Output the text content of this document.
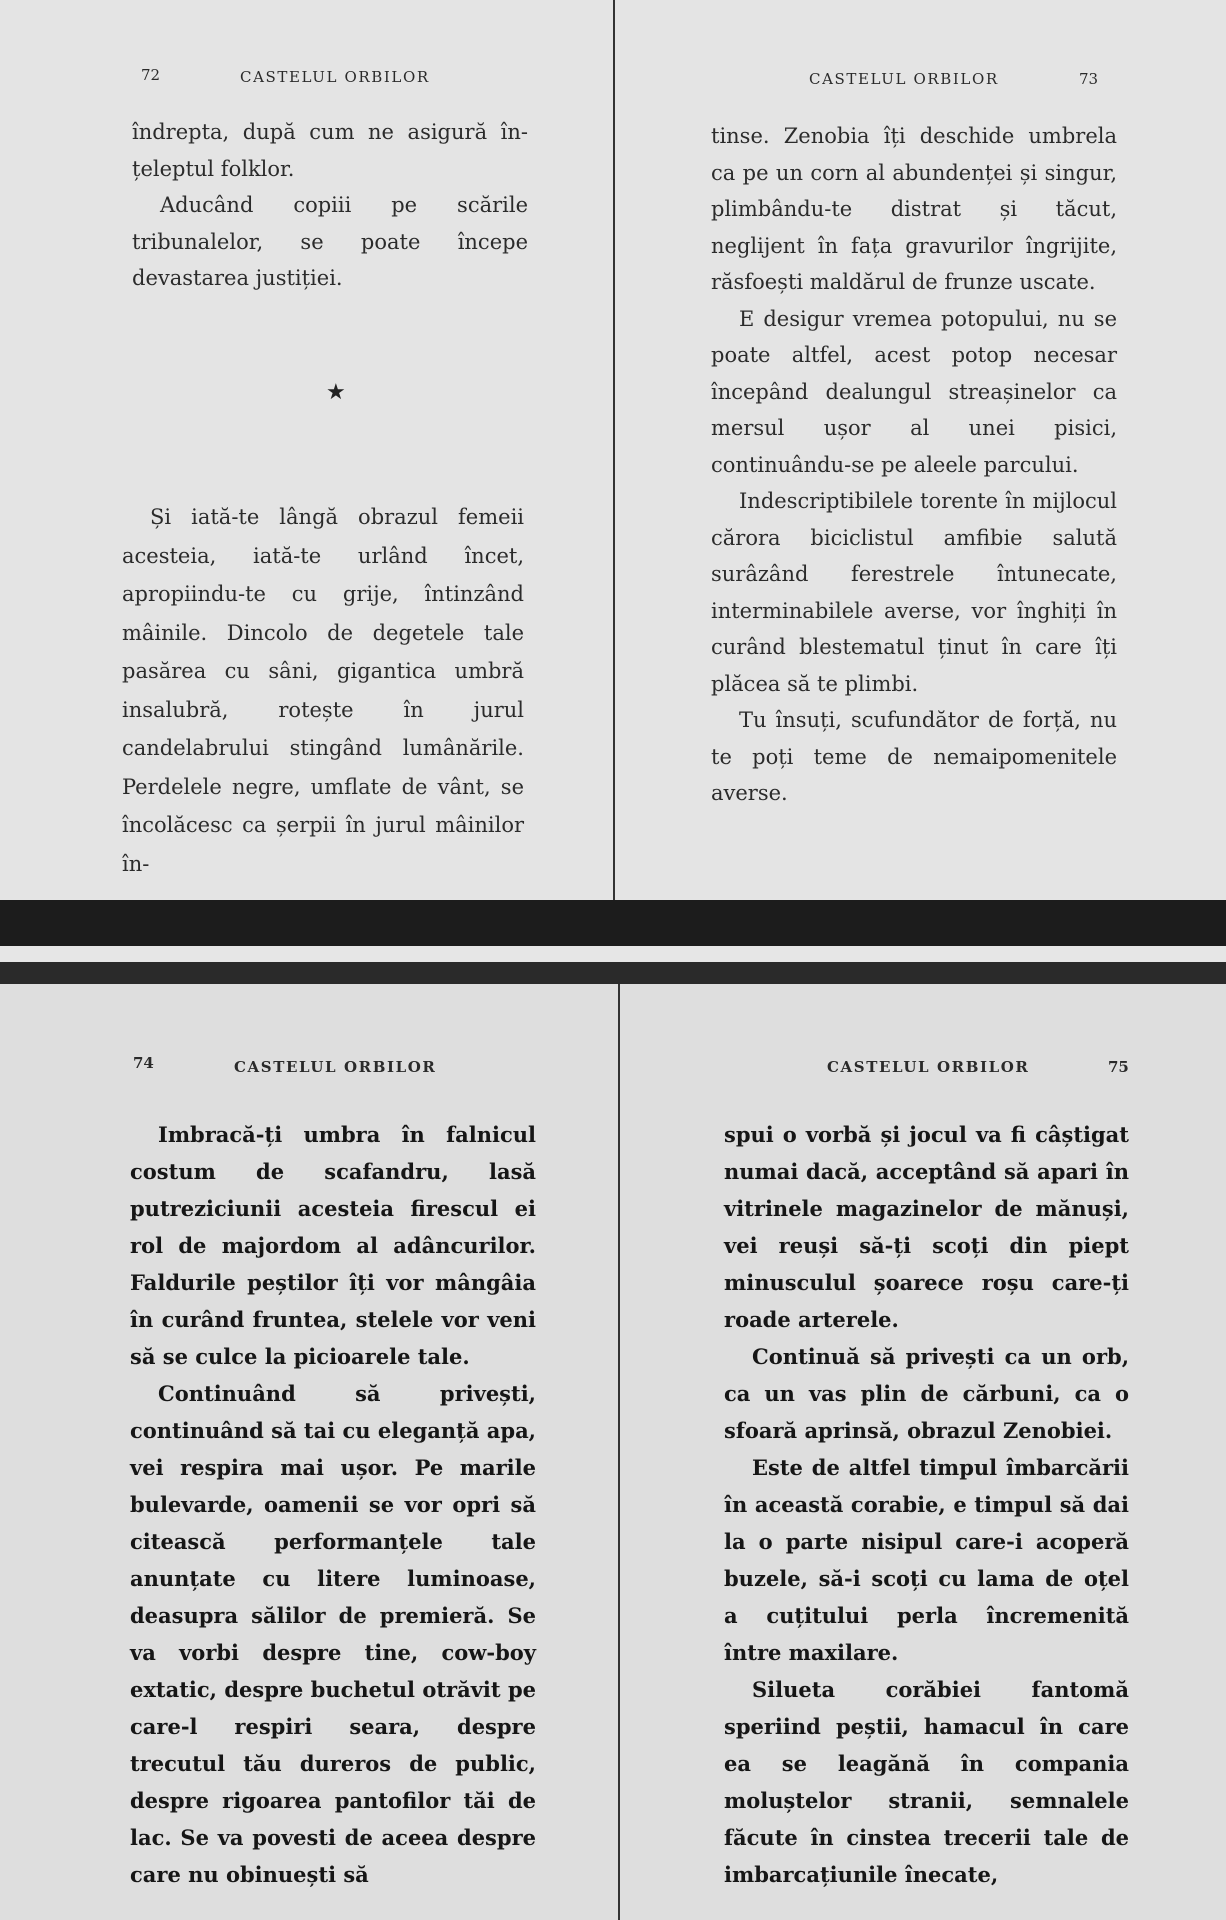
72	CASTELUL ORBILOR

îndrepta, după cum ne asigură în-țeleptul folklor.

Aducând copiii pe scările tribunalelor, se poate începe devastarea justiției.

★

Și iată-te lângă obrazul femeii acesteia, iată-te urlând încet, apropiindu-te cu grije, întinzând mâinile. Dincolo de degetele tale pasărea cu sâni, gigantica umbră insalubră, rotește în jurul candelabrului stingând lumânările. Perdelele negre, umflate de vânt, se încolăcesc ca șerpii în jurul mâinilor în-

CASTELUL ORBILOR	73

tinse. Zenobia îți deschide umbrela ca pe un corn al abundenței și singur, plimbându-te distrat și tăcut, neglijent în fața gravurilor îngrijite, răsfoești maldărul de frunze uscate.

E desigur vremea potopului, nu se poate altfel, acest potop necesar începând dealungul streașinelor ca mersul ușor al unei pisici, continuându-se pe aleele parcului.

Indescriptibilele torente în mijlocul cărora biciclistul amfibie salută surâzând ferestrele întunecate, interminabilele averse, vor înghiți în curând blestematul ținut în care îți plăcea să te plimbi.

Tu însuți, scufundător de forță, nu te poți teme de nemaipomenitele averse.

74	CASTELUL ORBILOR

Imbracă-ți umbra în falnicul costum de scafandru, lasă putreziciunii acesteia firescul ei rol de majordom al adâncurilor. Faldurile peștilor îți vor mângâia în curând fruntea, stelele vor veni să se culce la picioarele tale.

Continuând să privești, continuând să tai cu eleganță apa, vei respira mai ușor. Pe marile bulevarde, oamenii se vor opri să citească performanțele tale anunțate cu litere luminoase, deasupra sălilor de premieră. Se va vorbi despre tine, cow-boy extatic, despre buchetul otrăvit pe care-l respiri seara, despre trecutul tău dureros de public, despre rigoarea pantofilor tăi de lac. Se va povesti de aceea despre care nu obinuești să

CASTELUL ORBILOR	75

spui o vorbă și jocul va fi câștigat numai dacă, acceptând să apari în vitrinele magazinelor de mănuși, vei reuși să-ți scoți din piept minusculul șoarece roșu care-ți roade arterele.

Continuă să privești ca un orb, ca un vas plin de cărbuni, ca o sfoară aprinsă, obrazul Zenobiei.

Este de altfel timpul îmbarcării în această corabie, e timpul să dai la o parte nisipul care-i acoperă buzele, să-i scoți cu lama de oțel a cuțitului perla încremenită între maxilare.

Silueta corăbiei fantomă speriind peștii, hamacul în care ea se leagănă în compania moluștelor stranii, semnalele făcute în cinstea trecerii tale de imbarcațiunile înecate,
